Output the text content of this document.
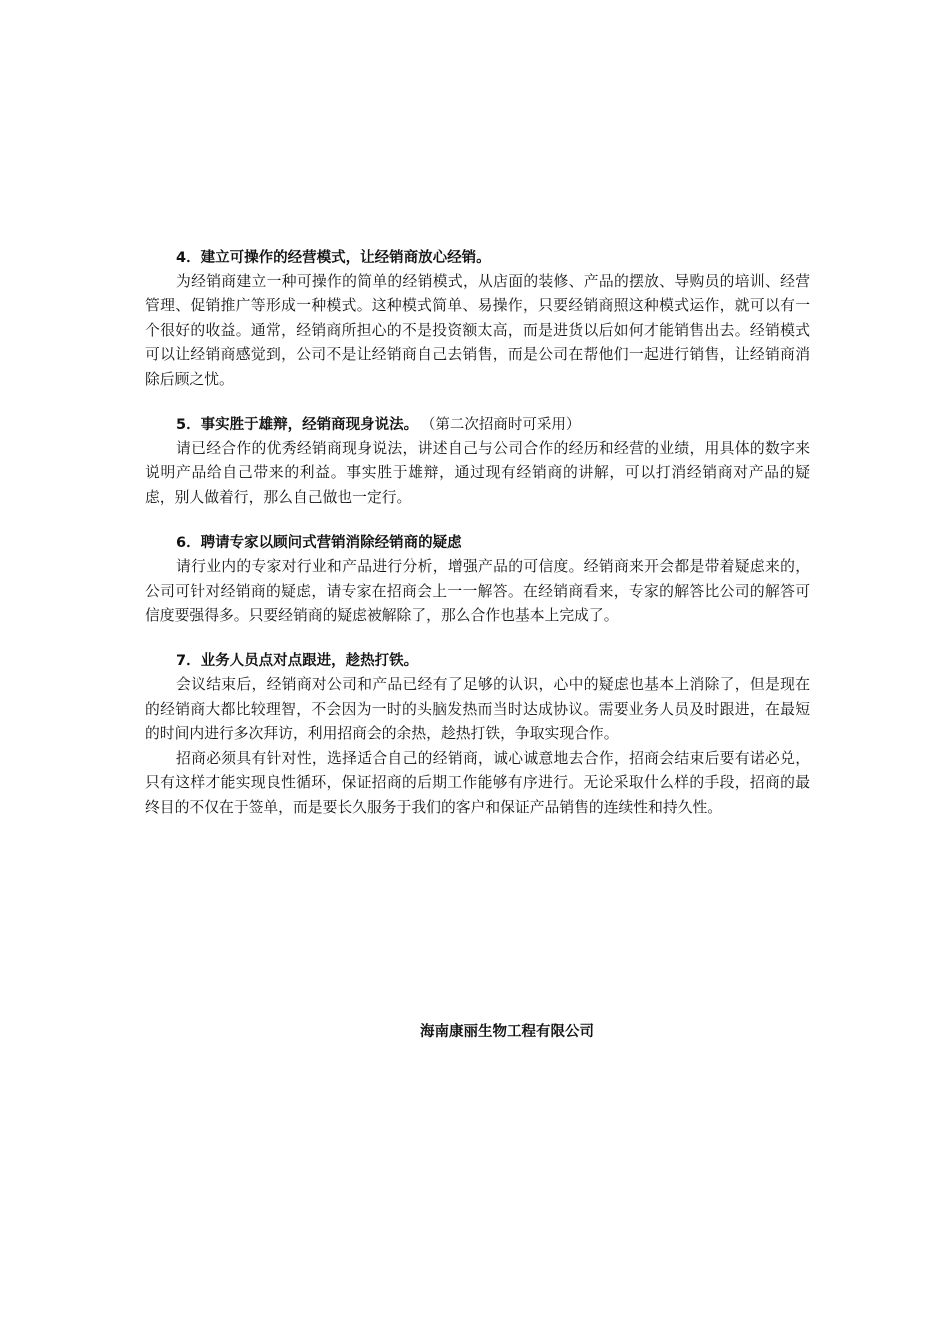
4．建立可操作的经营模式，让经销商放心经销。

为经销商建立一种可操作的简单的经销模式，从店面的装修、产品的摆放、导购员的培训、经营管理、促销推广等形成一种模式。这种模式简单、易操作，只要经销商照这种模式运作，就可以有一个很好的收益。通常，经销商所担心的不是投资额太高，而是进货以后如何才能销售出去。经销模式可以让经销商感觉到，公司不是让经销商自己去销售，而是公司在帮他们一起进行销售，让经销商消除后顾之忧。

5．事实胜于雄辩，经销商现身说法。 （第二次招商时可采用）

请已经合作的优秀经销商现身说法，讲述自己与公司合作的经历和经营的业绩，用具体的数字来说明产品给自己带来的利益。事实胜于雄辩，通过现有经销商的讲解，可以打消经销商对产品的疑虑，别人做着行，那么自己做也一定行。

6．聘请专家以顾问式营销消除经销商的疑虑

请行业内的专家对行业和产品进行分析，增强产品的可信度。经销商来开会都是带着疑虑来的，公司可针对经销商的疑虑，请专家在招商会上一一解答。在经销商看来，专家的解答比公司的解答可信度要强得多。只要经销商的疑虑被解除了，那么合作也基本上完成了。

7．业务人员点对点跟进，趁热打铁。

会议结束后，经销商对公司和产品已经有了足够的认识，心中的疑虑也基本上消除了，但是现在的经销商大都比较理智，不会因为一时的头脑发热而当时达成协议。需要业务人员及时跟进，在最短的时间内进行多次拜访，利用招商会的余热，趁热打铁，争取实现合作。

招商必须具有针对性，选择适合自己的经销商，诚心诚意地去合作，招商会结束后要有诺必兑，只有这样才能实现良性循环，保证招商的后期工作能够有序进行。无论采取什么样的手段，招商的最终目的不仅在于签单，而是要长久服务于我们的客户和保证产品销售的连续性和持久性。

海南康丽生物工程有限公司
